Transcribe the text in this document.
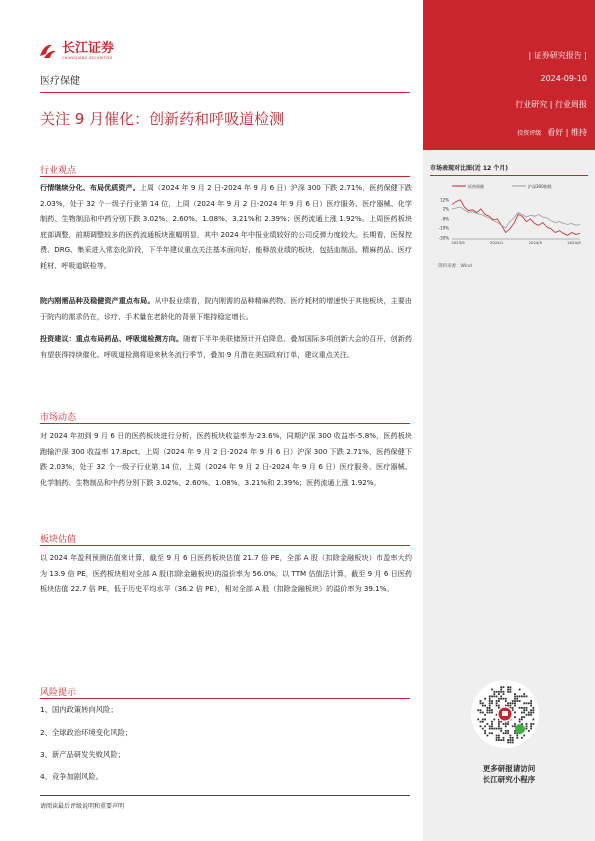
| 证券研究报告 |
2024-09-10
行业研究 | 行业周报
投资评级 看好 | 维持
长江证券
CHANGJIANG SECURITIES
医疗保健
关注 9 月催化：创新药和呼吸道检测
行业观点
行情继续分化、布局优质资产。上周（2024 年 9 月 2 日-2024 年 9 月 6 日）沪深 300 下跌 2.71%，医药保健下跌 2.03%，处于 32 个一级子行业第 14 位，上周（2024 年 9 月 2 日-2024 年 9 月 6 日）医疗服务、医疗器械、化学制药、生物制品和中药分别下跌 3.02%、2.60%、1.08%、3.21%和 2.39%；医药流通上涨 1.92%。上周医药板块底部调整，前期调整较多的医药流通板块涨幅明显，其中 2024 年中报业绩较好的公司反弹力度较大。长期看，医保控费、DRG、集采进入常态化阶段，下半年建议重点关注基本面向好，能释放业绩的板块，包括血制品、精麻药品、医疗耗材、呼吸道联检等。
院内刚需品种及稳健资产重点布局。从中报业绩看，院内刚需的品种精麻药物、医疗耗材的增速快于其他板块，主要由于院内的需求仍在，诊疗、手术量在老龄化的背景下维持稳定增长。
投资建议：重点布局药品、呼吸道检测方向。随着下半年美联储预计开启降息、叠加国际多项创新大会的召开，创新药有望获得持续催化。呼吸道检测将迎来秋冬流行季节，叠加 9 月潜在美国政府订单，建议重点关注。
市场动态
对 2024 年初到 9 月 6 日的医药板块进行分析，医药板块收益率为-23.6%，同期沪深 300 收益率-5.8%，医药板块跑输沪深 300 收益率 17.8pct。上周（2024 年 9 月 2 日-2024 年 9 月 6 日）沪深 300 下跌 2.71%，医药保健下跌 2.03%，处于 32 个一级子行业第 14 位，上周（2024 年 9 月 2 日-2024 年 9 月 6 日）医疗服务、医疗器械、化学制药、生物制品和中药分别下跌 3.02%、2.60%、1.08%、3.21%和 2.39%；医药流通上涨 1.92%。
板块估值
以 2024 年盈利预测估值来计算，截至 9 月 6 日医药板块估值 21.7 倍 PE，全部 A 股（扣除金融板块）市盈率大约为 13.9 倍 PE，医药板块相对全部 A 股(扣除金融板块)的溢价率为 56.0%。以 TTM 估值法计算，截至 9 月 6 日医药板块估值 22.7 倍 PE，低于历史平均水平（36.2 倍 PE），相对全部 A 股（扣除金融板块）的溢价率为 39.1%。
风险提示
1、国内政策转向风险；
2、全球政治环境变化风险；
3、新产品研发失败风险；
4、竞争加剧风险。
请阅读最后评级说明和重要声明
市场表现对比图(近 12 个月)
医药保健	沪深300指数
12%
2%
-9%
-19%
-30%
2023/9	2024/1	2024/5	2024/9
资料来源：Wind
更多研报请访问
长江研究小程序
